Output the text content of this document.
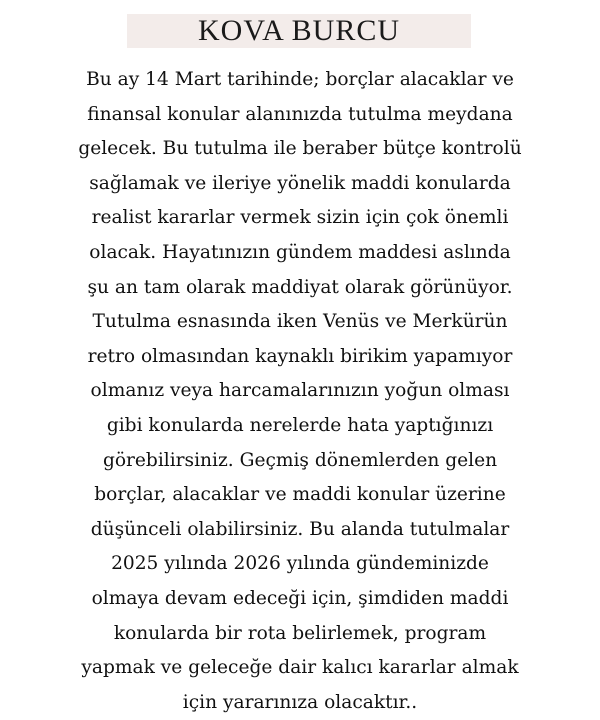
KOVA BURCU
Bu ay 14 Mart tarihinde; borçlar alacaklar ve
finansal konular alanınızda tutulma meydana
gelecek. Bu tutulma ile beraber bütçe kontrolü
sağlamak ve ileriye yönelik maddi konularda
realist kararlar vermek sizin için çok önemli
olacak. Hayatınızın gündem maddesi aslında
şu an tam olarak maddiyat olarak görünüyor.
Tutulma esnasında iken Venüs ve Merkürün
retro olmasından kaynaklı birikim yapamıyor
olmanız veya harcamalarınızın yoğun olması
gibi konularda nerelerde hata yaptığınızı
görebilirsiniz. Geçmiş dönemlerden gelen
borçlar, alacaklar ve maddi konular üzerine
düşünceli olabilirsiniz. Bu alanda tutulmalar
2025 yılında 2026 yılında gündeminizde
olmaya devam edeceği için, şimdiden maddi
konularda bir rota belirlemek, program
yapmak ve geleceğe dair kalıcı kararlar almak
için yararınıza olacaktır..
